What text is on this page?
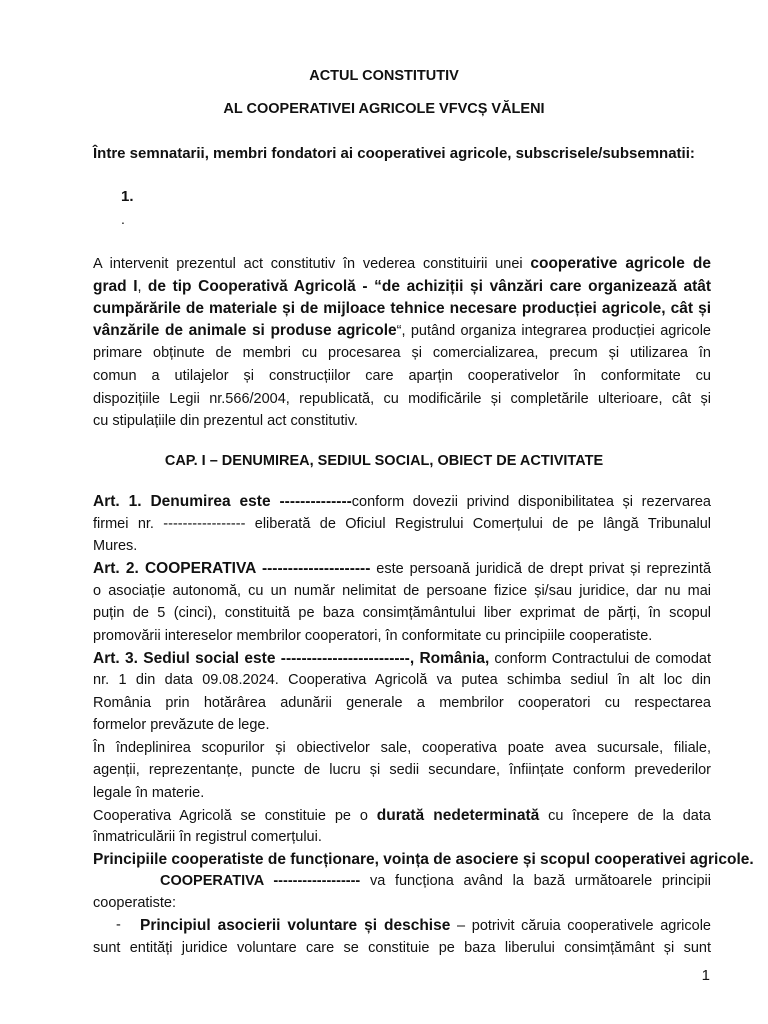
ACTUL CONSTITUTIV
AL COOPERATIVEI AGRICOLE VFVCȘ VĂLENI
Între semnatarii, membri fondatori ai cooperativei agricole, subscrisele/subsemnatii:
1.
.
A intervenit prezentul act constitutiv în vederea constituirii unei cooperative agricole de
grad I, de tip Cooperativă Agricolă - “de achiziții și vânzări care organizează atât
cumpărările de materiale și de mijloace tehnice necesare producției agricole, cât și
vânzările de animale si produse agricole“, putând organiza integrarea producției agricole
primare obținute de membri cu procesarea și comercializarea, precum și utilizarea în
comun a utilajelor și construcțiilor care aparțin cooperativelor în conformitate cu
dispozițiile Legii nr.566/2004, republicată, cu modificările și completările ulterioare, cât și
cu stipulațiile din prezentul act constitutiv.
CAP. I – DENUMIREA, SEDIUL SOCIAL, OBIECT DE ACTIVITATE
Art. 1. Denumirea este --------------conform dovezii privind disponibilitatea și rezervarea
firmei nr. ----------------- eliberată de Oficiul Registrului Comerțului de pe lângă Tribunalul
Mures.
Art. 2. COOPERATIVA --------------------- este persoană juridică de drept privat și reprezintă
o asociație autonomă, cu un număr nelimitat de persoane fizice și/sau juridice, dar nu mai
puțin de 5 (cinci), constituită pe baza consimțământului liber exprimat de părți, în scopul
promovării intereselor membrilor cooperatori, în conformitate cu principiile cooperatiste.
Art. 3. Sediul social este -------------------------, România, conform Contractului de comodat
nr. 1 din data 09.08.2024. Cooperativa Agricolă va putea schimba sediul în alt loc din
România prin hotărârea adunării generale a membrilor cooperatori cu respectarea
formelor prevăzute de lege.
În îndeplinirea scopurilor și obiectivelor sale, cooperativa poate avea sucursale, filiale,
agenții, reprezentanțe, puncte de lucru și sedii secundare, înființate conform prevederilor
legale în materie.
Cooperativa Agricolă se constituie pe o durată nedeterminată cu începere de la data
înmatriculării în registrul comerțului.
Principiile cooperatiste de funcționare, voința de asociere și scopul cooperativei agricole.
COOPERATIVA ------------------ va funcționa având la bază următoarele principii
cooperatiste:
-	Principiul asocierii voluntare și deschise – potrivit căruia cooperativele agricole
sunt entități juridice voluntare care se constituie pe baza liberului consimțământ și sunt
1
